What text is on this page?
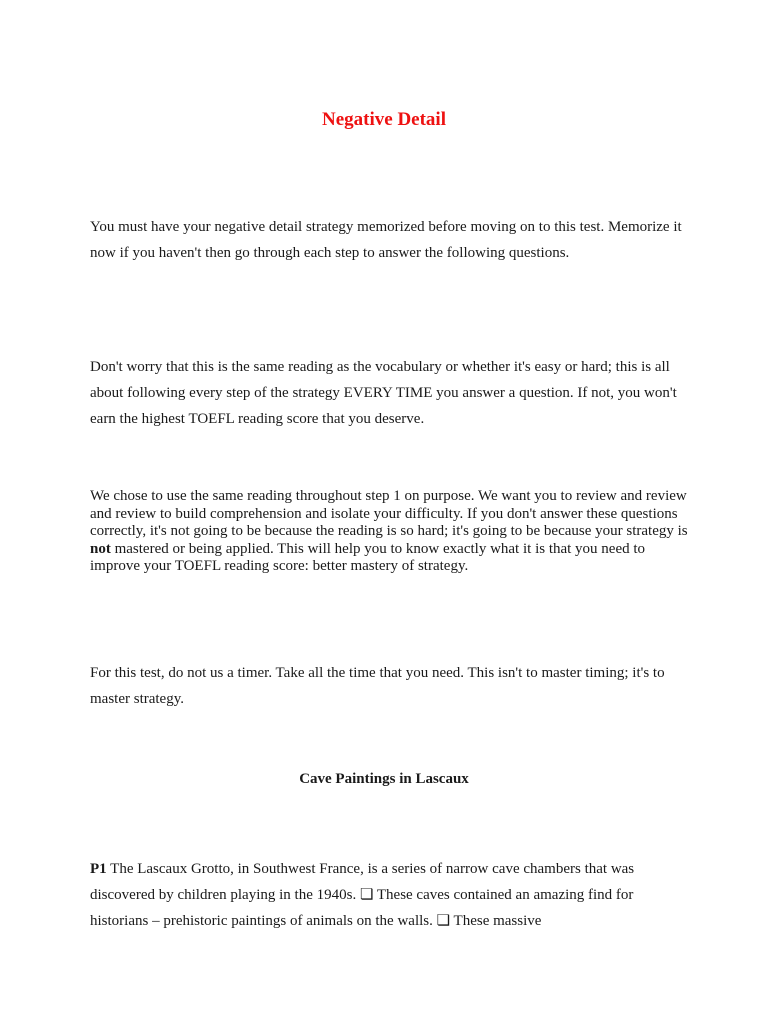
Negative Detail

You must have your negative detail strategy memorized before moving on to this test. Memorize it now if you haven't then go through each step to answer the following questions.

Don't worry that this is the same reading as the vocabulary or whether it's easy or hard; this is all about following every step of the strategy EVERY TIME you answer a question. If not, you won't earn the highest TOEFL reading score that you deserve.

We chose to use the same reading throughout step 1 on purpose. We want you to review and review and review to build comprehension and isolate your difficulty. If you don't answer these questions correctly, it's not going to be because the reading is so hard; it's going to be because your strategy is not mastered or being applied. This will help you to know exactly what it is that you need to improve your TOEFL reading score: better mastery of strategy.

For this test, do not us a timer. Take all the time that you need. This isn't to master timing; it's to master strategy.

Cave Paintings in Lascaux

P1 The Lascaux Grotto, in Southwest France, is a series of narrow cave chambers that was discovered by children playing in the 1940s. ❏ These caves contained an amazing find for historians – prehistoric paintings of animals on the walls. ❏ These massive
